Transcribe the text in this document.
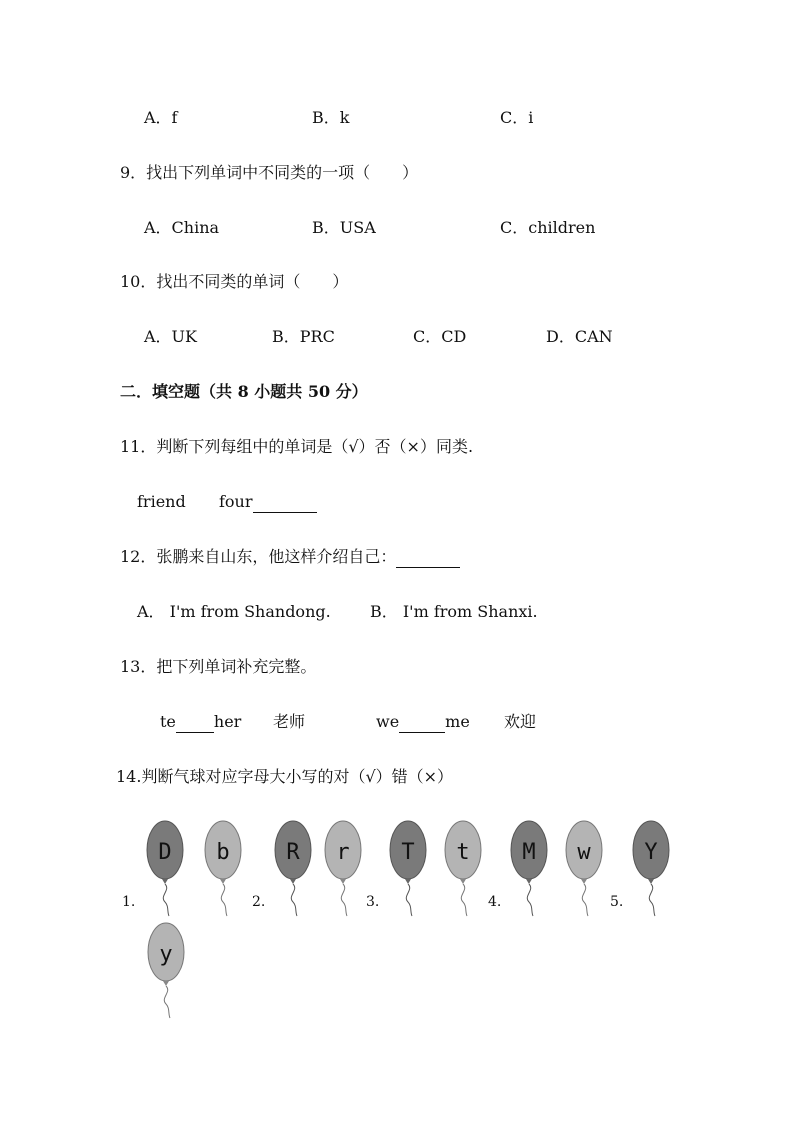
A．f	B．k	C．i
9．找出下列单词中不同类的一项（　　）
A．China	B．USA	C．children
10．找出不同类的单词（　　）
A．UK	B．PRC	C．CD	D．CAN
二．填空题（共 8 小题共 50 分）
11．判断下列每组中的单词是（√）否（×）同类.
friend four
12．张鹏来自山东，他这样介绍自己：
A． I'm from Shandong. B． I'm from Shanxi.
13．把下列单词补充完整。
te her 老师	we	me 欢迎
14.判断气球对应字母大小写的对（√）错（×）
D b	R r T t M w Y
1.	2.	3.	4.	5.
y
